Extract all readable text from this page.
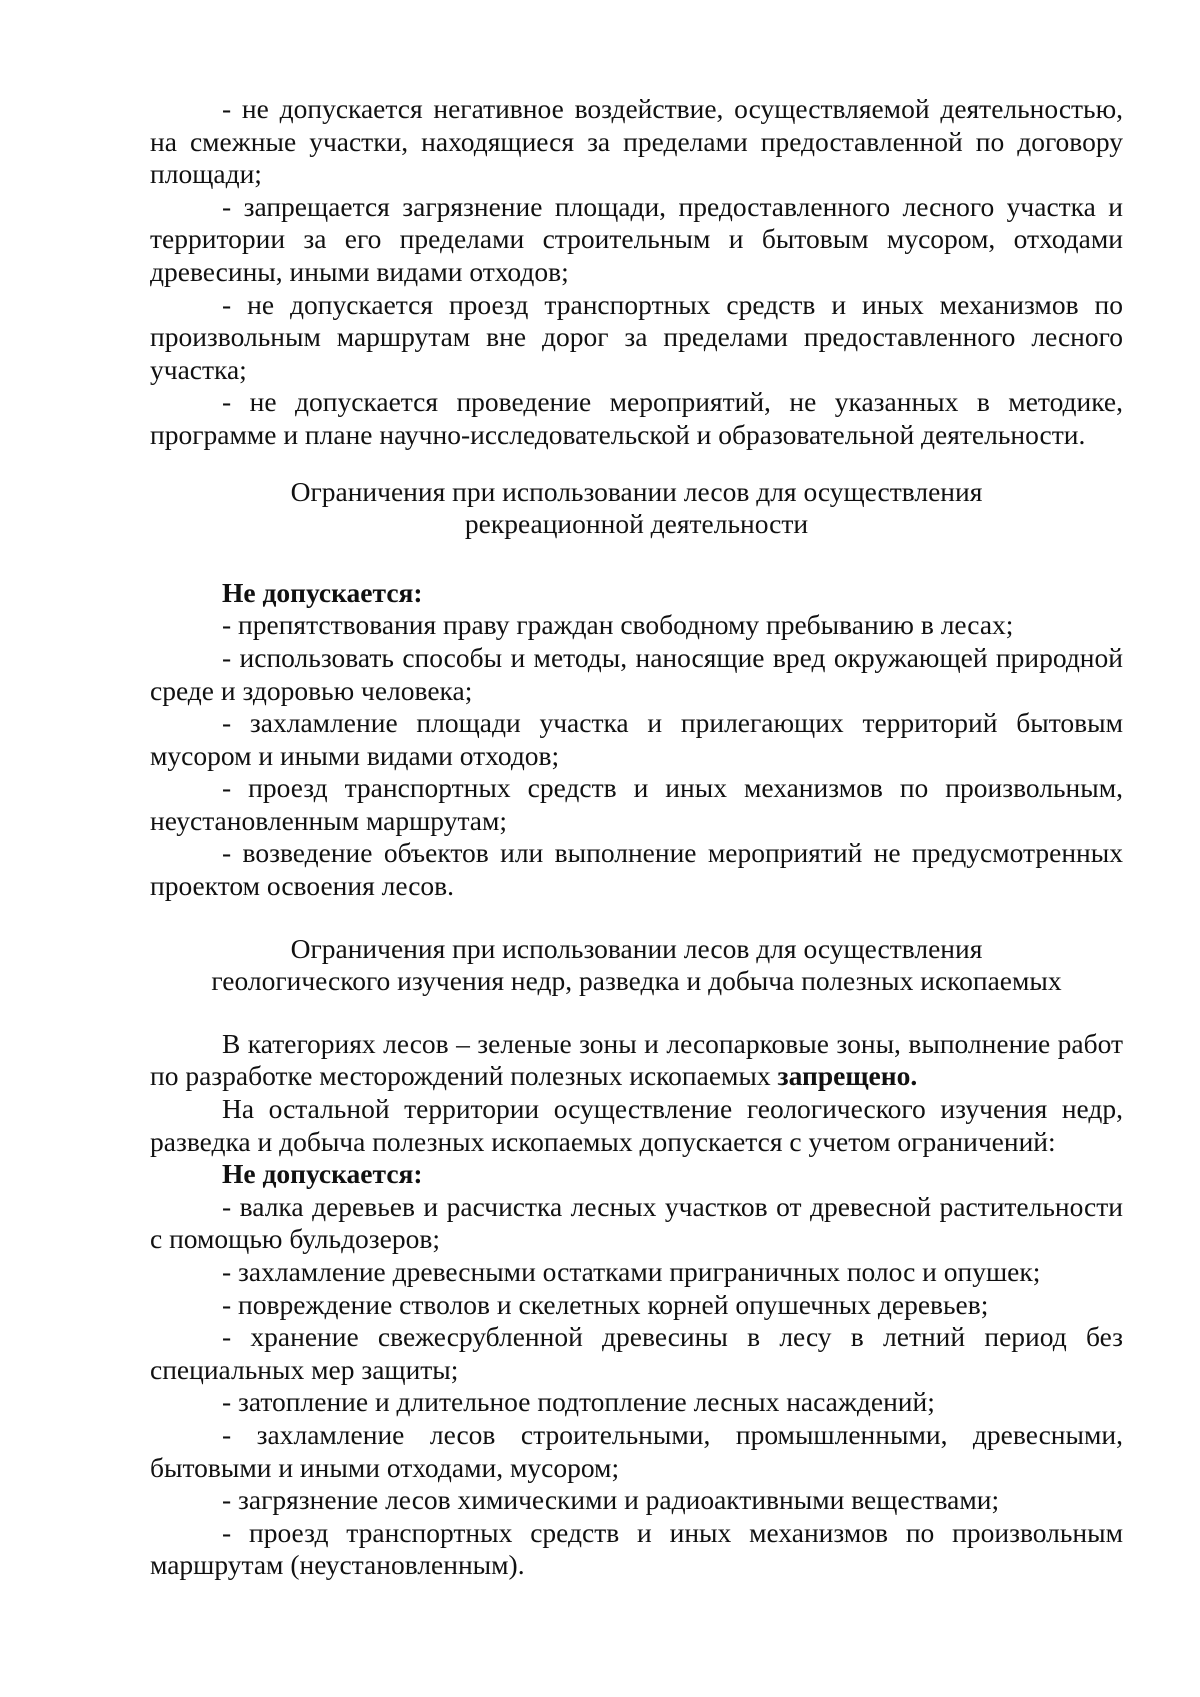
- не допускается негативное воздействие, осуществляемой деятельностью, на смежные участки, находящиеся за пределами предоставленной по договору площади;

- запрещается загрязнение площади, предоставленного лесного участка и территории за его пределами строительным и бытовым мусором, отходами древесины, иными видами отходов;

- не допускается проезд транспортных средств и иных механизмов по произвольным маршрутам вне дорог за пределами предоставленного лесного участка;

- не допускается проведение мероприятий, не указанных в методике, программе и плане научно-исследовательской и образовательной деятельности.

Ограничения при использовании лесов для осуществления
рекреационной деятельности

Не допускается:

- препятствования праву граждан свободному пребыванию в лесах;

- использовать способы и методы, наносящие вред окружающей природной среде и здоровью человека;

- захламление площади участка и прилегающих территорий бытовым мусором и иными видами отходов;

- проезд транспортных средств и иных механизмов по произвольным, неустановленным маршрутам;

- возведение объектов или выполнение мероприятий не предусмотренных проектом освоения лесов.

Ограничения при использовании лесов для осуществления
геологического изучения недр, разведка и добыча полезных ископаемых

В категориях лесов – зеленые зоны и лесопарковые зоны, выполнение работ по разработке месторождений полезных ископаемых запрещено.

На остальной территории осуществление геологического изучения недр, разведка и добыча полезных ископаемых допускается с учетом ограничений:

Не допускается:

- валка деревьев и расчистка лесных участков от древесной растительности с помощью бульдозеров;

- захламление древесными остатками приграничных полос и опушек;

- повреждение стволов и скелетных корней опушечных деревьев;

- хранение свежесрубленной древесины в лесу в летний период без специальных мер защиты;

- затопление и длительное подтопление лесных насаждений;

- захламление лесов строительными, промышленными, древесными, бытовыми и иными отходами, мусором;

- загрязнение лесов химическими и радиоактивными веществами;

- проезд транспортных средств и иных механизмов по произвольным маршрутам (неустановленным).
